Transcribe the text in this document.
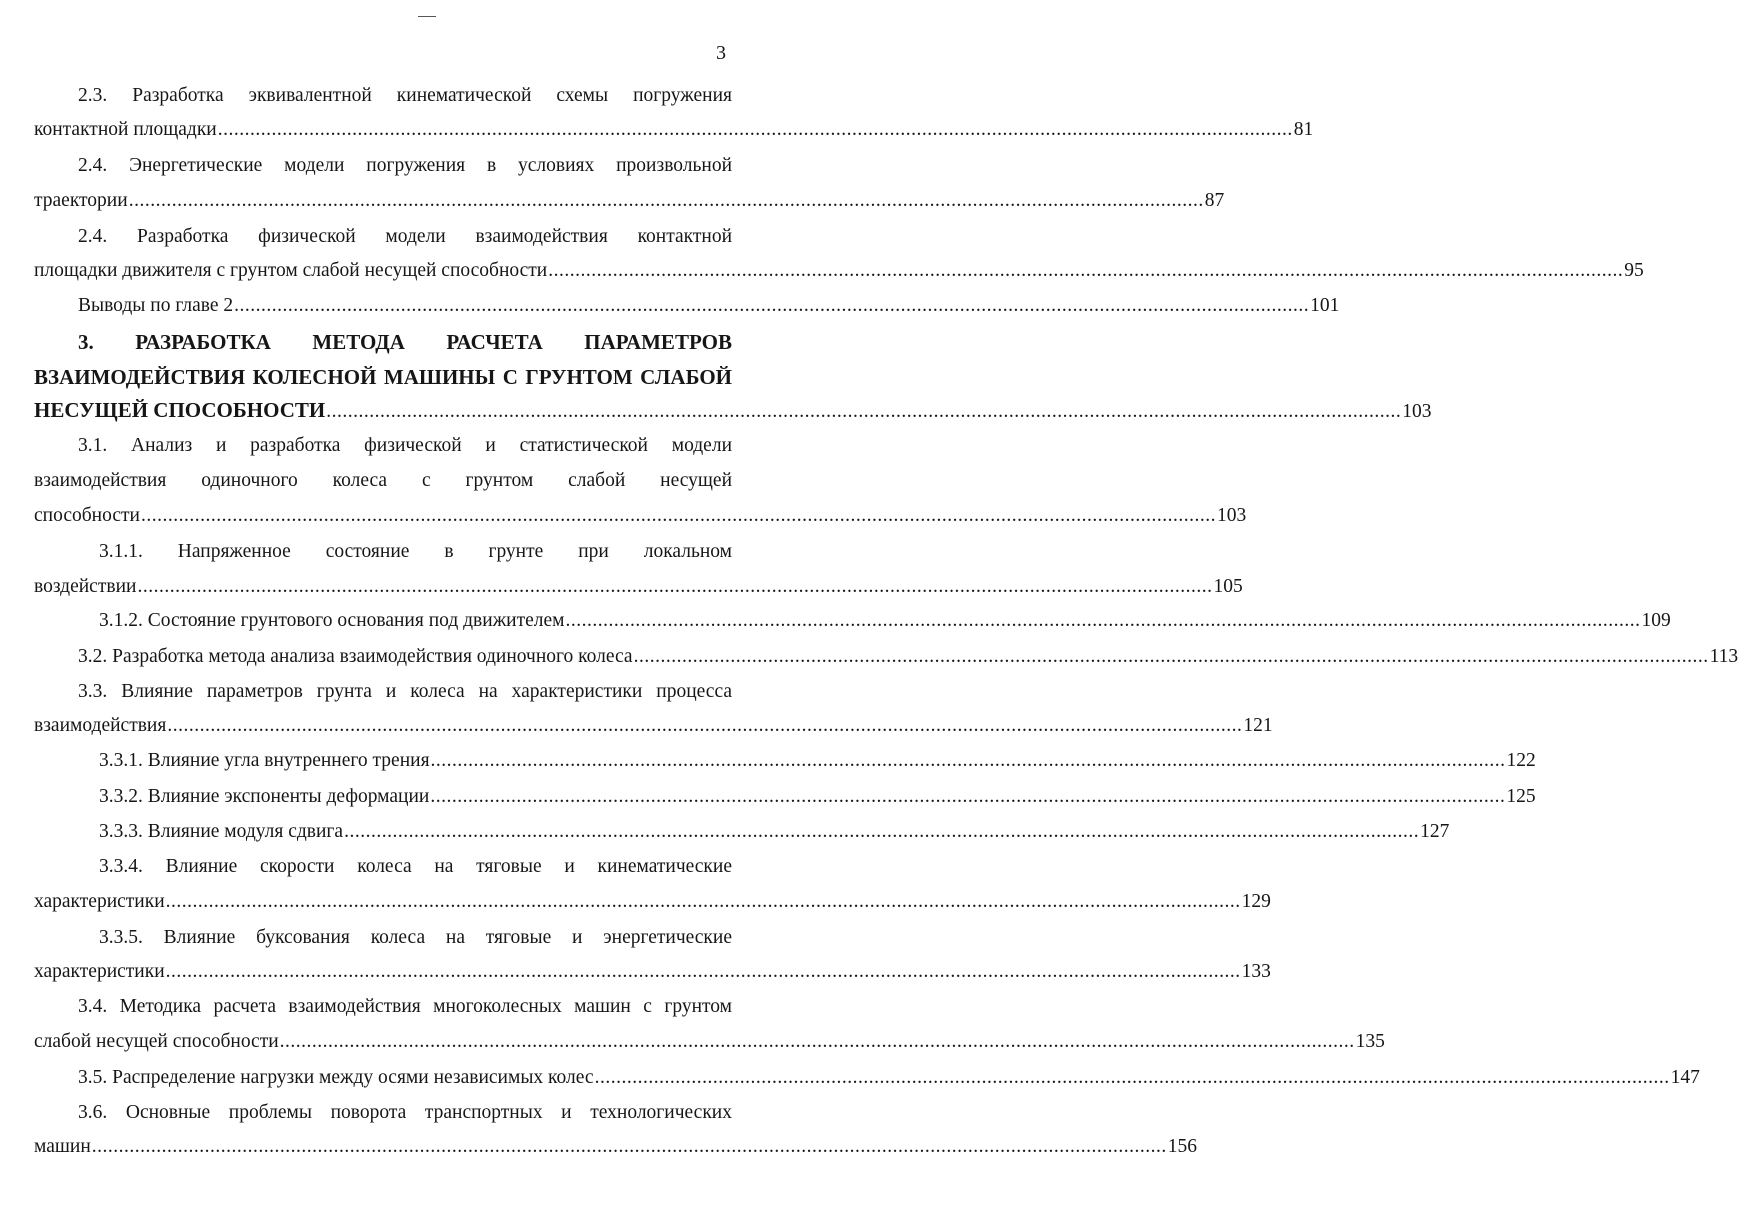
3
2.3. Разработка эквивалентной кинематической схемы погружения
контактной площадки ........................................................................................................................................................................................................ 81
2.4. Энергетические модели погружения в условиях произвольной
траектории ........................................................................................................................................................................................................ 87
2.4. Разработка физической модели взаимодействия контактной
площадки движителя с грунтом слабой несущей способности ........................................................................................................................................................................................................ 95
Выводы по главе 2 ........................................................................................................................................................................................................ 101
3. РАЗРАБОТКА МЕТОДА РАСЧЕТА ПАРАМЕТРОВ
ВЗАИМОДЕЙСТВИЯ КОЛЕСНОЙ МАШИНЫ С ГРУНТОМ СЛАБОЙ
НЕСУЩЕЙ СПОСОБНОСТИ ........................................................................................................................................................................................................ 103
3.1. Анализ и разработка физической и статистической модели
взаимодействия одиночного колеса с грунтом слабой несущей
способности ........................................................................................................................................................................................................ 103
3.1.1. Напряженное состояние в грунте при локальном
воздействии ........................................................................................................................................................................................................ 105
3.1.2. Состояние грунтового основания под движителем ........................................................................................................................................................................................................ 109
3.2. Разработка метода анализа взаимодействия одиночного колеса ........................................................................................................................................................................................................ 113
3.3. Влияние параметров грунта и колеса на характеристики процесса
взаимодействия ........................................................................................................................................................................................................ 121
3.3.1. Влияние угла внутреннего трения ........................................................................................................................................................................................................ 122
3.3.2. Влияние экспоненты деформации ........................................................................................................................................................................................................ 125
3.3.3. Влияние модуля сдвига ........................................................................................................................................................................................................ 127
3.3.4. Влияние скорости колеса на тяговые и кинематические
характеристики ........................................................................................................................................................................................................ 129
3.3.5. Влияние буксования колеса на тяговые и энергетические
характеристики ........................................................................................................................................................................................................ 133
3.4. Методика расчета взаимодействия многоколесных машин с грунтом
слабой несущей способности ........................................................................................................................................................................................................ 135
3.5. Распределение нагрузки между осями независимых колес ........................................................................................................................................................................................................ 147
3.6. Основные проблемы поворота транспортных и технологических
машин ........................................................................................................................................................................................................ 156
